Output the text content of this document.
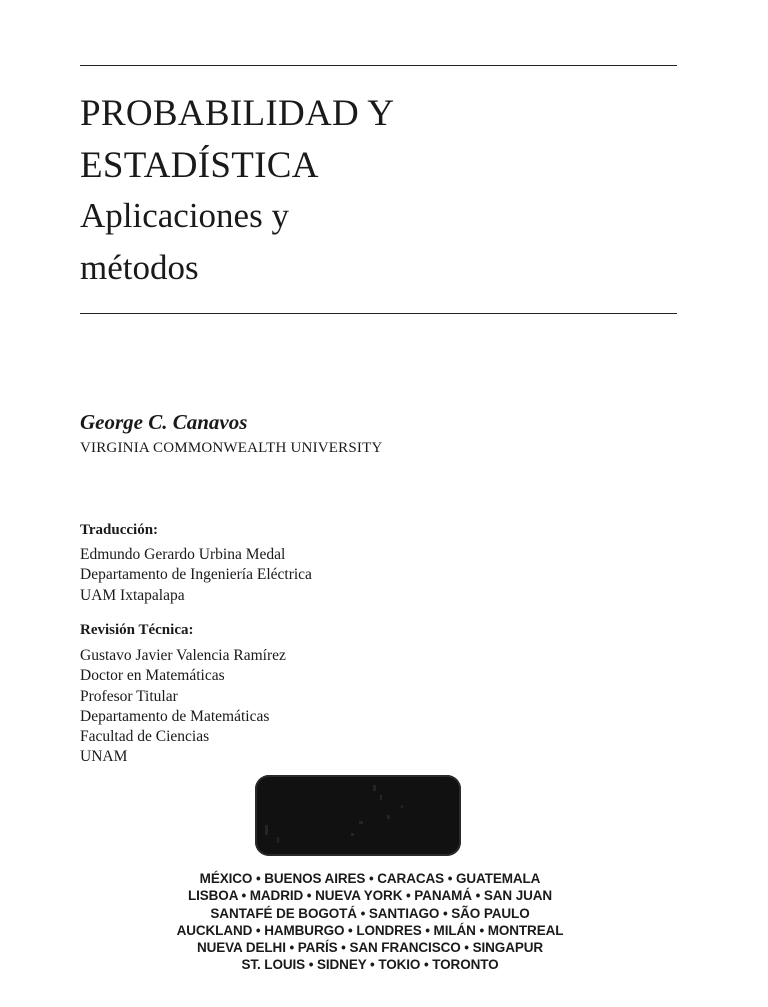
PROBABILIDAD Y
ESTADÍSTICA
Aplicaciones y
métodos
George C. Canavos
VIRGINIA COMMONWEALTH UNIVERSITY
Traducción:
Edmundo Gerardo Urbina Medal
Departamento de Ingeniería Eléctrica
UAM Ixtapalapa
Revisión Técnica:
Gustavo Javier Valencia Ramírez
Doctor en Matemáticas
Profesor Titular
Departamento de Matemáticas
Facultad de Ciencias
UNAM
MÉXICO • BUENOS AIRES • CARACAS • GUATEMALA
LISBOA • MADRID • NUEVA YORK • PANAMÁ • SAN JUAN
SANTAFÉ DE BOGOTÁ • SANTIAGO • SÃO PAULO
AUCKLAND • HAMBURGO • LONDRES • MILÁN • MONTREAL
NUEVA DELHI • PARÍS • SAN FRANCISCO • SINGAPUR
ST. LOUIS • SIDNEY • TOKIO • TORONTO
